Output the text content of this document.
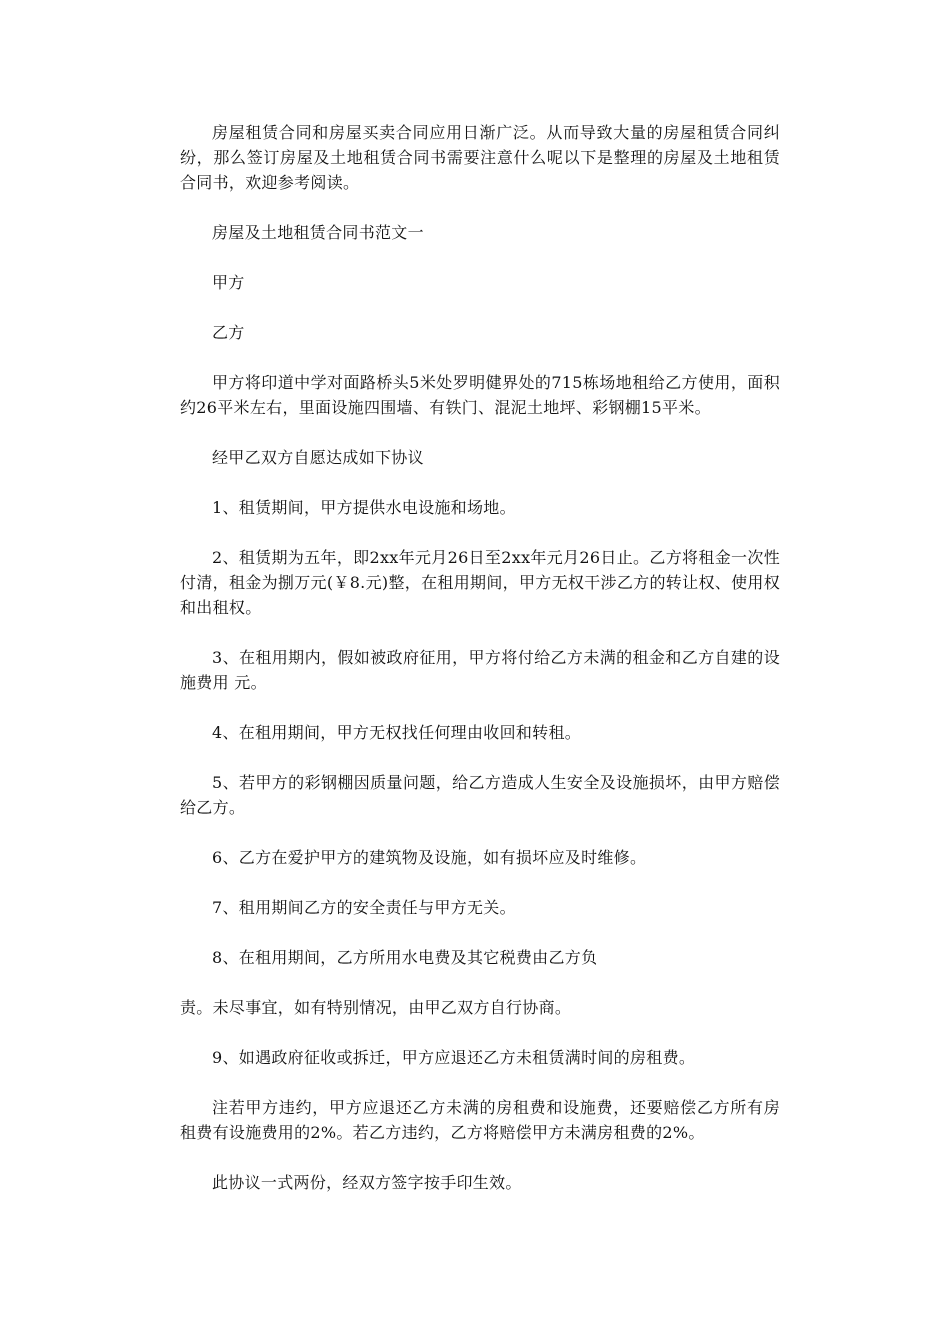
房屋租赁合同和房屋买卖合同应用日渐广泛。从而导致大量的房屋租赁合同纠纷，那么签订房屋及土地租赁合同书需要注意什么呢以下是整理的房屋及土地租赁合同书，欢迎参考阅读。

房屋及土地租赁合同书范文一

甲方

乙方

甲方将印道中学对面路桥头5米处罗明健界处的715栋场地租给乙方使用，面积约26平米左右，里面设施四围墙、有铁门、混泥土地坪、彩钢棚15平米。

经甲乙双方自愿达成如下协议

1、租赁期间，甲方提供水电设施和场地。

2、租赁期为五年，即2xx年元月26日至2xx年元月26日止。乙方将租金一次性付清，租金为捌万元(￥8.元)整，在租用期间，甲方无权干涉乙方的转让权、使用权和出租权。

3、在租用期内，假如被政府征用，甲方将付给乙方未满的租金和乙方自建的设施费用 元。

4、在租用期间，甲方无权找任何理由收回和转租。

5、若甲方的彩钢棚因质量问题，给乙方造成人生安全及设施损坏，由甲方赔偿给乙方。

6、乙方在爱护甲方的建筑物及设施，如有损坏应及时维修。

7、租用期间乙方的安全责任与甲方无关。

8、在租用期间，乙方所用水电费及其它税费由乙方负

责。未尽事宜，如有特别情况，由甲乙双方自行协商。

9、如遇政府征收或拆迁，甲方应退还乙方未租赁满时间的房租费。

注若甲方违约，甲方应退还乙方未满的房租费和设施费，还要赔偿乙方所有房租费有设施费用的2%。若乙方违约，乙方将赔偿甲方未满房租费的2%。

此协议一式两份，经双方签字按手印生效。
